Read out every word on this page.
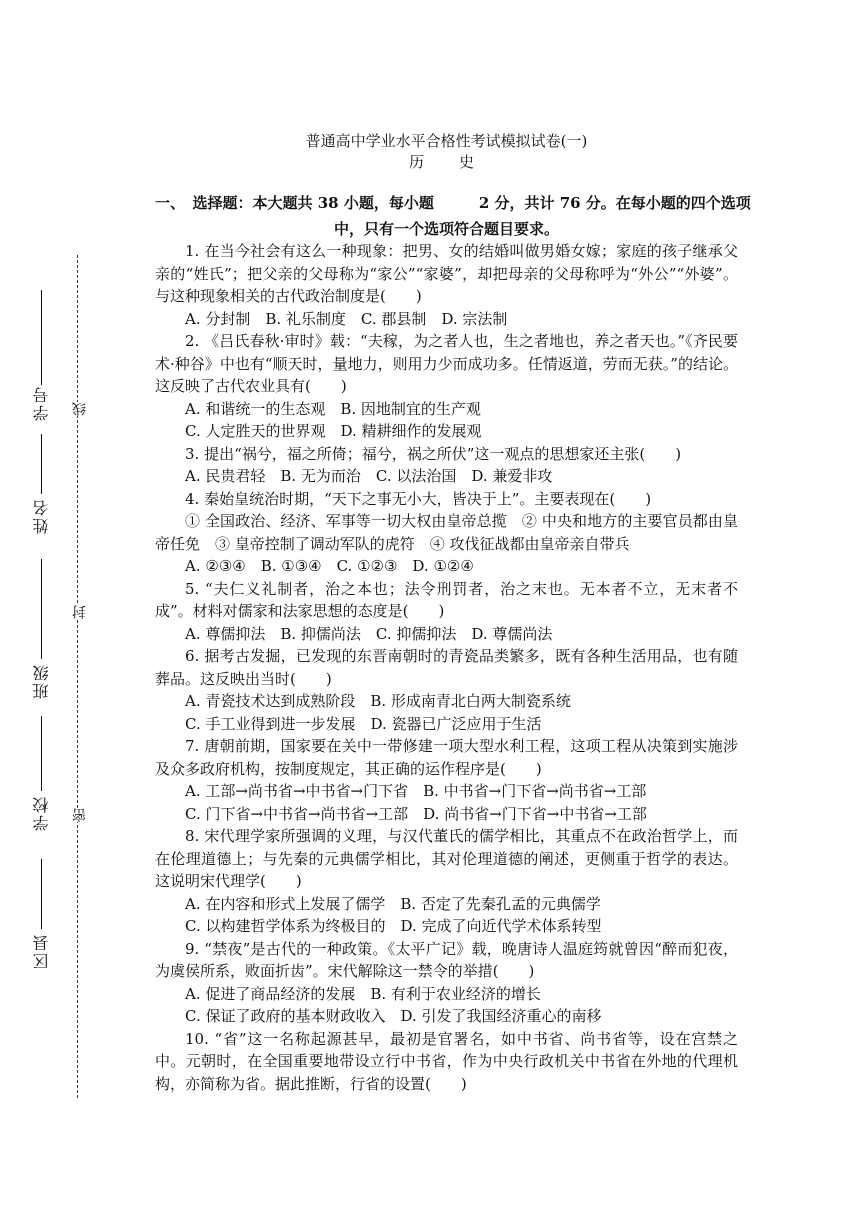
线
封
密
学号
姓名
班级
学校
区县
普通高中学业水平合格性考试模拟试卷(一)
历　史
一、　选择题：本大题共 38 小题，每小题　　　2 分，共计 76 分。在每小题的四个选项
中，只有一个选项符合题目要求。

1. 在当今社会有这么一种现象：把男、女的结婚叫做男婚女嫁；家庭的孩子继承父亲的“姓氏”；把父亲的父母称为“家公”“家婆”，却把母亲的父母称呼为“外公”“外婆”。与这种现象相关的古代政治制度是(　　)

A. 分封制　B. 礼乐制度　C. 郡县制　D. 宗法制

2. 《吕氏春秋·审时》载：“夫稼，为之者人也，生之者地也，养之者天也。”《齐民要术·种谷》中也有“顺天时，量地力，则用力少而成功多。任情返道，劳而无获。”的结论。这反映了古代农业具有(　　)

A. 和谐统一的生态观　B. 因地制宜的生产观

C. 人定胜天的世界观　D. 精耕细作的发展观

3. 提出“祸兮，福之所倚；福兮，祸之所伏”这一观点的思想家还主张(　　)

A. 民贵君轻　B. 无为而治　C. 以法治国　D. 兼爱非攻

4. 秦始皇统治时期，“天下之事无小大，皆决于上”。主要表现在(　　)

① 全国政治、经济、军事等一切大权由皇帝总揽　② 中央和地方的主要官员都由皇帝任免　③ 皇帝控制了调动军队的虎符　④ 攻伐征战都由皇帝亲自带兵

A. ②③④　B. ①③④　C. ①②③　D. ①②④

5. “夫仁义礼制者，治之本也；法令刑罚者，治之末也。无本者不立，无末者不成”。材料对儒家和法家思想的态度是(　　)

A. 尊儒抑法　B. 抑儒尚法　C. 抑儒抑法　D. 尊儒尚法

6. 据考古发掘，已发现的东晋南朝时的青瓷品类繁多，既有各种生活用品，也有随葬品。这反映出当时(　　)

A. 青瓷技术达到成熟阶段　B. 形成南青北白两大制瓷系统

C. 手工业得到进一步发展　D. 瓷器已广泛应用于生活

7. 唐朝前期，国家要在关中一带修建一项大型水利工程，这项工程从决策到实施涉及众多政府机构，按制度规定，其正确的运作程序是(　　)

A. 工部→尚书省→中书省→门下省　B. 中书省→门下省→尚书省→工部

C. 门下省→中书省→尚书省→工部　D. 尚书省→门下省→中书省→工部

8. 宋代理学家所强调的义理，与汉代董氏的儒学相比，其重点不在政治哲学上，而在伦理道德上；与先秦的元典儒学相比，其对伦理道德的阐述，更侧重于哲学的表达。这说明宋代理学(　　)

A. 在内容和形式上发展了儒学　B. 否定了先秦孔孟的元典儒学

C. 以构建哲学体系为终极目的　D. 完成了向近代学术体系转型

9. “禁夜”是古代的一种政策。《太平广记》载，晚唐诗人温庭筠就曾因“醉而犯夜，为虞侯所系，败面折齿”。宋代解除这一禁令的举措(　　)

A. 促进了商品经济的发展　B. 有利于农业经济的增长

C. 保证了政府的基本财政收入　D. 引发了我国经济重心的南移

10. “省”这一名称起源甚早，最初是官署名，如中书省、尚书省等，设在宫禁之中。元朝时，在全国重要地带设立行中书省，作为中央行政机关中书省在外地的代理机构，亦简称为省。据此推断，行省的设置(　　)
